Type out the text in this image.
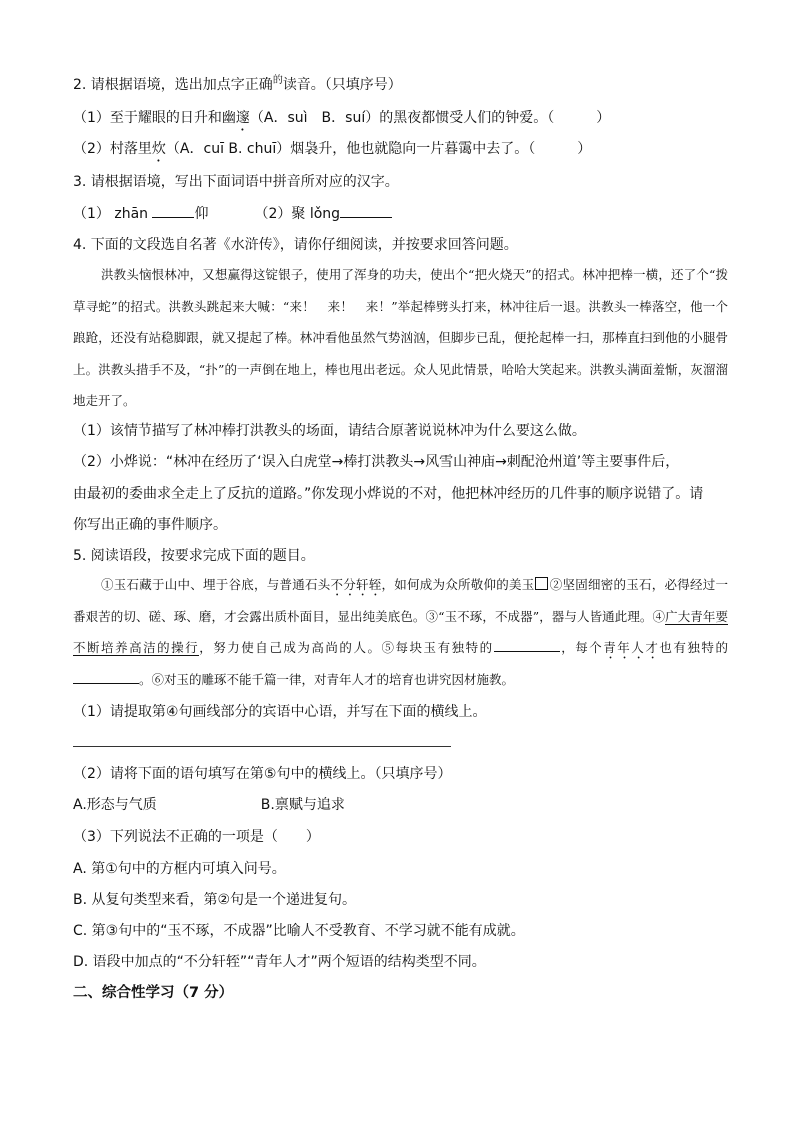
2. 请根据语境，选出加点字正确$^的$读音。（只填序号）
（1）至于耀眼的日升和幽邃（A．suì　B．suí）的黑夜都惯受人们的钟爱。（　　　）
（2）村落里炊（A．cuī B. chuī）烟袅升，他也就隐向一片暮霭中去了。（　　　）
3. 请根据语境，写出下面词语中拼音所对应的汉字。
（1） zhān	仰	（2）聚 lǒng
4. 下面的文段选自名著《水浒传》，请你仔细阅读，并按要求回答问题。

洪教头恼恨林冲，又想赢得这锭银子，使用了浑身的功夫，使出个“把火烧天”的招式。林冲把棒一横，还了个“拨草寻蛇”的招式。洪教头跳起来大喊：“来！　来！　来！”举起棒劈头打来，林冲往后一退。洪教头一棒落空，他一个踉跄，还没有站稳脚跟，就又提起了棒。林冲看他虽然气势汹汹，但脚步已乱，便抡起棒一扫，那棒直扫到他的小腿骨上。洪教头措手不及，“扑”的一声倒在地上，棒也甩出老远。众人见此情景，哈哈大笑起来。洪教头满面羞惭，灰溜溜地走开了。

（1）该情节描写了林冲棒打洪教头的场面，请结合原著说说林冲为什么要这么做。
（2）小烨说：“林冲在经历了‘误入白虎堂→棒打洪教头→风雪山神庙→刺配沧州道’等主要事件后，
由最初的委曲求全走上了反抗的道路。”你发现小烨说的不对，他把林冲经历的几件事的顺序说错了。请
你写出正确的事件顺序。
5. 阅读语段，按要求完成下面的题目。

①玉石藏于山中、埋于谷底，与普通石头不分轩轾，如何成为众所敬仰的美玉 ②坚固细密的玉石，必得经过一番艰苦的切、磋、琢、磨，才会露出质朴面目，显出纯美底色。③“玉不琢，不成器”，器与人皆通此理。④广大青年要不断培养高洁的操行，努力使自己成为高尚的人。⑤每块玉有独特的	，每个青年人才也有独特的。⑥对玉的雕琢不能千篇一律，对青年人才的培育也讲究因材施教。

（1）请提取第④句画线部分的宾语中心语，并写在下面的横线上。
（2）请将下面的语句填写在第⑤句中的横线上。（只填序号）
A.形态与气质	B.禀赋与追求
（3）下列说法不正确的一项是（　　）
A. 第①句中的方框内可填入问号。
B. 从复句类型来看，第②句是一个递进复句。
C. 第③句中的“玉不琢，不成器”比喻人不受教育、不学习就不能有成就。
D. 语段中加点的“不分轩轾”“青年人才”两个短语的结构类型不同。
二、综合性学习（7 分）
